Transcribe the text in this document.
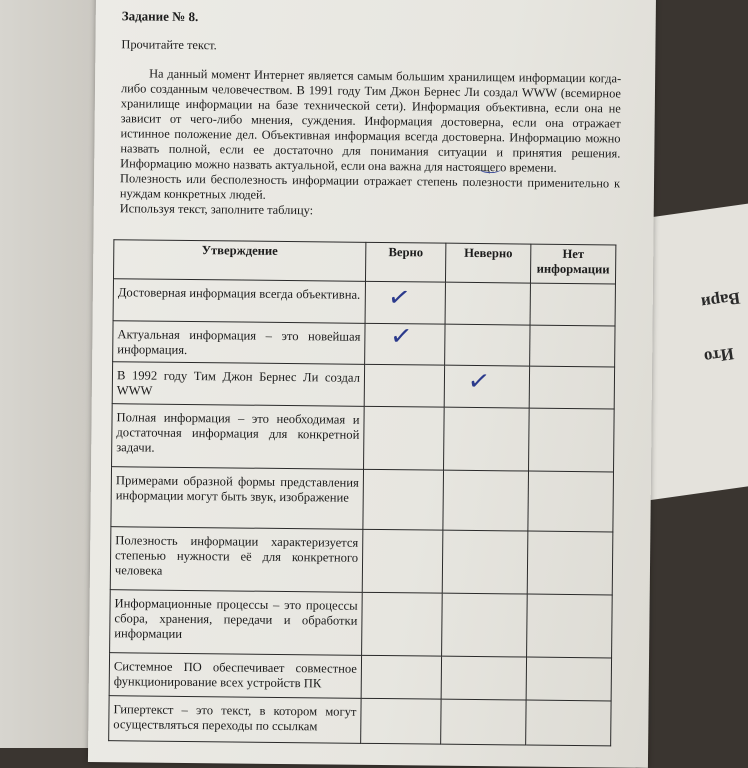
Вари
Ито

Задание № 8.

Прочитайте текст.

На данный момент Интернет является самым большим хранилищем информации когда-либо созданным человечеством. В 1991 году Тим Джон Бернес Ли создал WWW (всемирное хранилище информации на базе технической сети). Информация объективна, если она не зависит от чего-либо мнения, суждения. Информация достоверна, если она отражает истинное положение дел. Объективная информация всегда достоверна. Информацию можно назвать полной, если ее достаточно для понимания ситуации и принятия решения. Информацию можно назвать актуальной, если она важна для настоящего времени.

Полезность или бесполезность информации отражает степень полезности применительно к нуждам конкретных людей.

Используя текст, заполните таблицу:

Утверждение	Верно	Неверно	Нет информации
Достоверная информация всегда объективна.	✓		

Актуальная информация – это новейшая информация.	✓		

В 1992 году Тим Джон Бернес Ли создал WWW		✓	

Полная информация – это необходимая и достаточная информация для конкретной задачи.			
Примерами образной формы представления информации могут быть звук, изображение			
Полезность информации характеризуется степенью нужности её для конкретного человека			
Информационные процессы – это процессы сбора, хранения, передачи и обработки информации			
Системное ПО обеспечивает совместное функционирование всех устройств ПК			
Гипертекст – это текст, в котором могут осуществляться переходы по ссылкам			
